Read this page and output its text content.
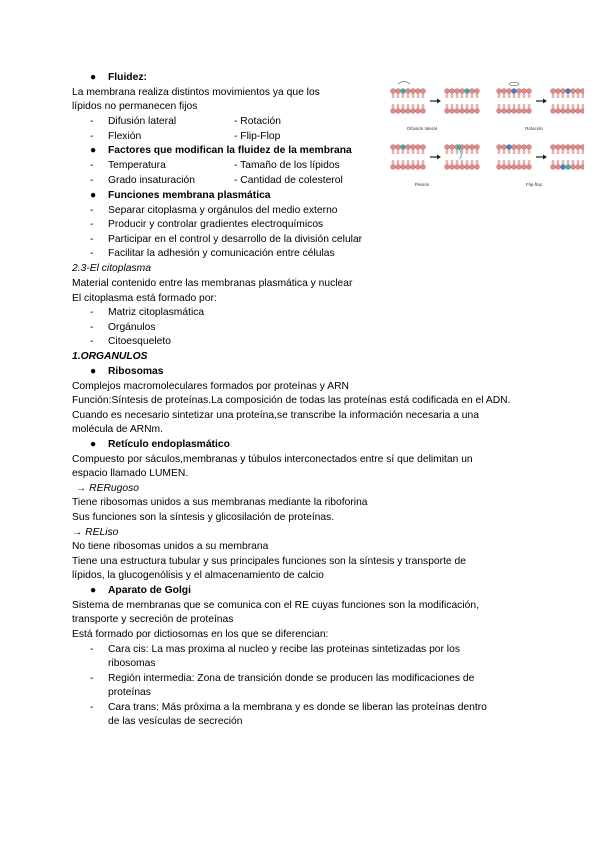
● Fluidez:
La membrana realiza distintos movimientos ya que los
lípidos no permanecen fijos
- Difusión lateral	- Rotación
- Flexión	- Flip-Flop
● Factores que modifican la fluidez de la membrana
- Temperatura	- Tamaño de los lípidos
- Grado insaturación	- Cantidad de colesterol
● Funciones membrana plasmática
- Separar citoplasma y orgánulos del medio externo
- Producir y controlar gradientes electroquímicos
- Participar en el control y desarrollo de la división celular
- Facilitar la adhesión y comunicación entre células
Difusión lateral	Rotación
Flexión	Flip-flop
2.3-El citoplasma
Material contenido entre las membranas plasmática y nuclear
El citoplasma está formado por:
- Matriz citoplasmática
- Orgánulos
- Citoesqueleto
1.ORGANULOS
● Ribosomas
Complejos macromoleculares formados por proteínas y ARN
Función:Síntesis de proteínas.La composición de todas las proteínas está codificada en el ADN.
Cuando es necesario sintetizar una proteína,se transcribe la información necesaria a una
molécula de ARNm.
● Retículo endoplasmático
Compuesto por sáculos,membranas y túbulos interconectados entre sí que delimitan un
espacio llamado LUMEN.
→ RERugoso
Tiene ribosomas unidos a sus membranas mediante la riboforina
Sus funciones son la síntesis y glicosilación de proteínas.
→ RELiso
No tiene ribosomas unidos a su membrana
Tiene una estructura tubular y sus principales funciones son la síntesis y transporte de
lípidos, la glucogenólisis y el almacenamiento de calcio
● Aparato de Golgi
Sistema de membranas que se comunica con el RE cuyas funciones son la modificación,
transporte y secreción de proteínas
Está formado por dictiosomas en los que se diferencian:
- Cara cis: La mas proxima al nucleo y recibe las proteinas sintetizadas por los
ribosomas
- Región intermedia: Zona de transición donde se producen las modificaciones de
proteínas
- Cara trans: Más próxima a la membrana y es donde se liberan las proteínas dentro
de las vesículas de secreción
